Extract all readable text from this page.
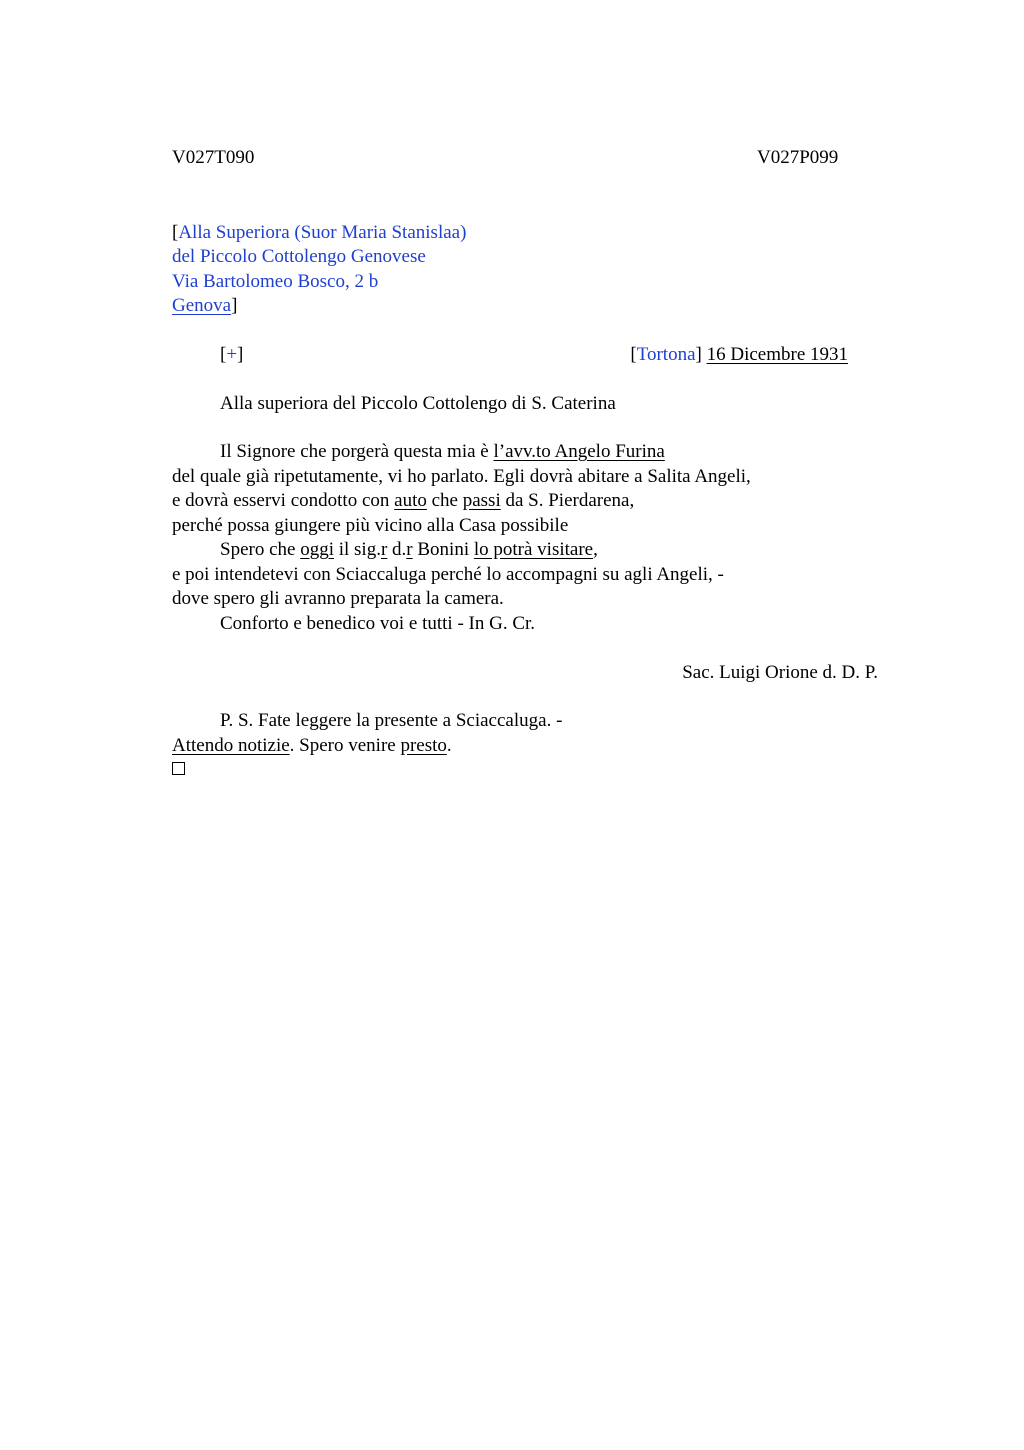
V027T090	V027P099
[Alla Superiora (Suor Maria Stanislaa)
del Piccolo Cottolengo Genovese
Via Bartolomeo Bosco, 2 b
Genova]
[+]	[Tortona] 16 Dicembre 1931
Alla superiora del Piccolo Cottolengo di S. Caterina
Il Signore che porgerà questa mia è l’avv.to Angelo Furina
del quale già ripetutamente, vi ho parlato. Egli dovrà abitare a Salita Angeli,
e dovrà esservi condotto con auto che passi da S. Pierdarena,
perché possa giungere più vicino alla Casa possibile
Spero che oggi il sig.r d.r Bonini lo potrà visitare,
e poi intendetevi con Sciaccaluga perché lo accompagni su agli Angeli, -
dove spero gli avranno preparata la camera.
Conforto e benedico voi e tutti - In G. Cr.
Sac. Luigi Orione d. D. P.
P. S. Fate leggere la presente a Sciaccaluga. -
Attendo notizie. Spero venire presto.
